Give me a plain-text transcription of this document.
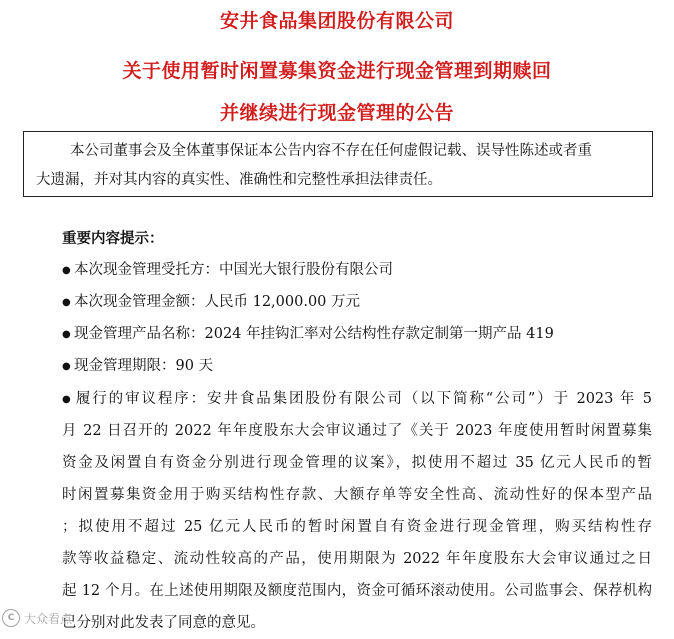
安井食品集团股份有限公司
关于使用暂时闲置募集资金进行现金管理到期赎回
并继续进行现金管理的公告
本公司董事会及全体董事保证本公告内容不存在任何虚假记载、误导性陈述或者重
大遗漏，并对其内容的真实性、准确性和完整性承担法律责任。
重要内容提示：
● 本次现金管理受托方：中国光大银行股份有限公司
● 本次现金管理金额：人民币 12,000.00 万元
● 现金管理产品名称：2024 年挂钩汇率对公结构性存款定制第一期产品 419
● 现金管理期限：90 天
● 履行的审议程序：安井食品集团股份有限公司（以下简称“公司”）于 2023 年 5
月 22 日召开的 2022 年年度股东大会审议通过了《关于 2023 年度使用暂时闲置募集
资金及闲置自有资金分别进行现金管理的议案》，拟使用不超过 35 亿元人民币的暂
时闲置募集资金用于购买结构性存款、大额存单等安全性高、流动性好的保本型产品
；拟使用不超过 25 亿元人民币的暂时闲置自有资金进行现金管理，购买结构性存
款等收益稳定、流动性较高的产品，使用期限为 2022 年年度股东大会审议通过之日
起 12 个月。在上述使用期限及额度范围内，资金可循环滚动使用。公司监事会、保荐机构已分别对此发表了同意的意见。
C 大众看点
